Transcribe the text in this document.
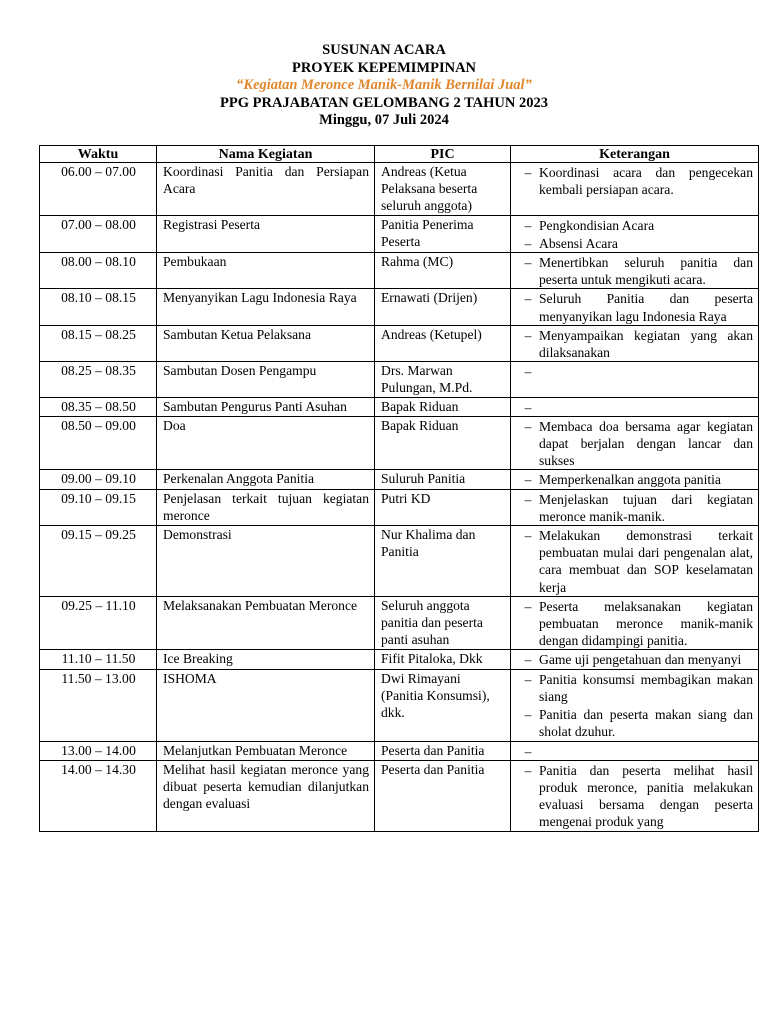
SUSUNAN ACARA
PROYEK KEPEMIMPINAN
“Kegiatan Meronce Manik-Manik Bernilai Jual”
PPG PRAJABATAN GELOMBANG 2 TAHUN 2023
Minggu, 07 Juli 2024
Waktu	Nama Kegiatan	PIC	Keterangan
06.00 – 07.00	Koordinasi Panitia dan Persiapan Acara	Andreas (Ketua Pelaksana beserta seluruh anggota)	– Koordinasi acara dan pengecekan kembali persiapan acara.

07.00 – 08.00	Registrasi Peserta	Panitia Penerima Peserta	– Pengkondisian Acara
– Absensi Acara

08.00 – 08.10	Pembukaan	Rahma (MC)	– Menertibkan seluruh panitia dan peserta untuk mengikuti acara.

08.10 – 08.15	Menyanyikan Lagu Indonesia Raya	Ernawati (Drijen)	– Seluruh Panitia dan peserta menyanyikan lagu Indonesia Raya

08.15 – 08.25	Sambutan Ketua Pelaksana	Andreas (Ketupel)	– Menyampaikan kegiatan yang akan dilaksanakan

08.25 – 08.35	Sambutan Dosen Pengampu	Drs. Marwan Pulungan, M.Pd.	–

08.35 – 08.50	Sambutan Pengurus Panti Asuhan	Bapak Riduan	–

08.50 – 09.00	Doa	Bapak Riduan	– Membaca doa bersama agar kegiatan dapat berjalan dengan lancar dan sukses

09.00 – 09.10	Perkenalan Anggota Panitia	Suluruh Panitia	– Memperkenalkan anggota panitia

09.10 – 09.15	Penjelasan terkait tujuan kegiatan meronce	Putri KD	– Menjelaskan tujuan dari kegiatan meronce manik-manik.

09.15 – 09.25	Demonstrasi	Nur Khalima dan Panitia	– Melakukan demonstrasi terkait pembuatan mulai dari pengenalan alat, cara membuat dan SOP keselamatan kerja

09.25 – 11.10	Melaksanakan Pembuatan Meronce	Seluruh anggota panitia dan peserta panti asuhan	– Peserta melaksanakan kegiatan pembuatan meronce manik-manik dengan didampingi panitia.

11.10 – 11.50	Ice Breaking	Fifit Pitaloka, Dkk	– Game uji pengetahuan dan menyanyi

11.50 – 13.00	ISHOMA	Dwi Rimayani (Panitia Konsumsi), dkk.	– Panitia konsumsi membagikan makan siang
– Panitia dan peserta makan siang dan sholat dzuhur.

13.00 – 14.00	Melanjutkan Pembuatan Meronce	Peserta dan Panitia	–

14.00 – 14.30	Melihat hasil kegiatan meronce yang dibuat peserta kemudian dilanjutkan dengan evaluasi	Peserta dan Panitia	– Panitia dan peserta melihat hasil produk meronce, panitia melakukan evaluasi bersama dengan peserta mengenai produk yang
